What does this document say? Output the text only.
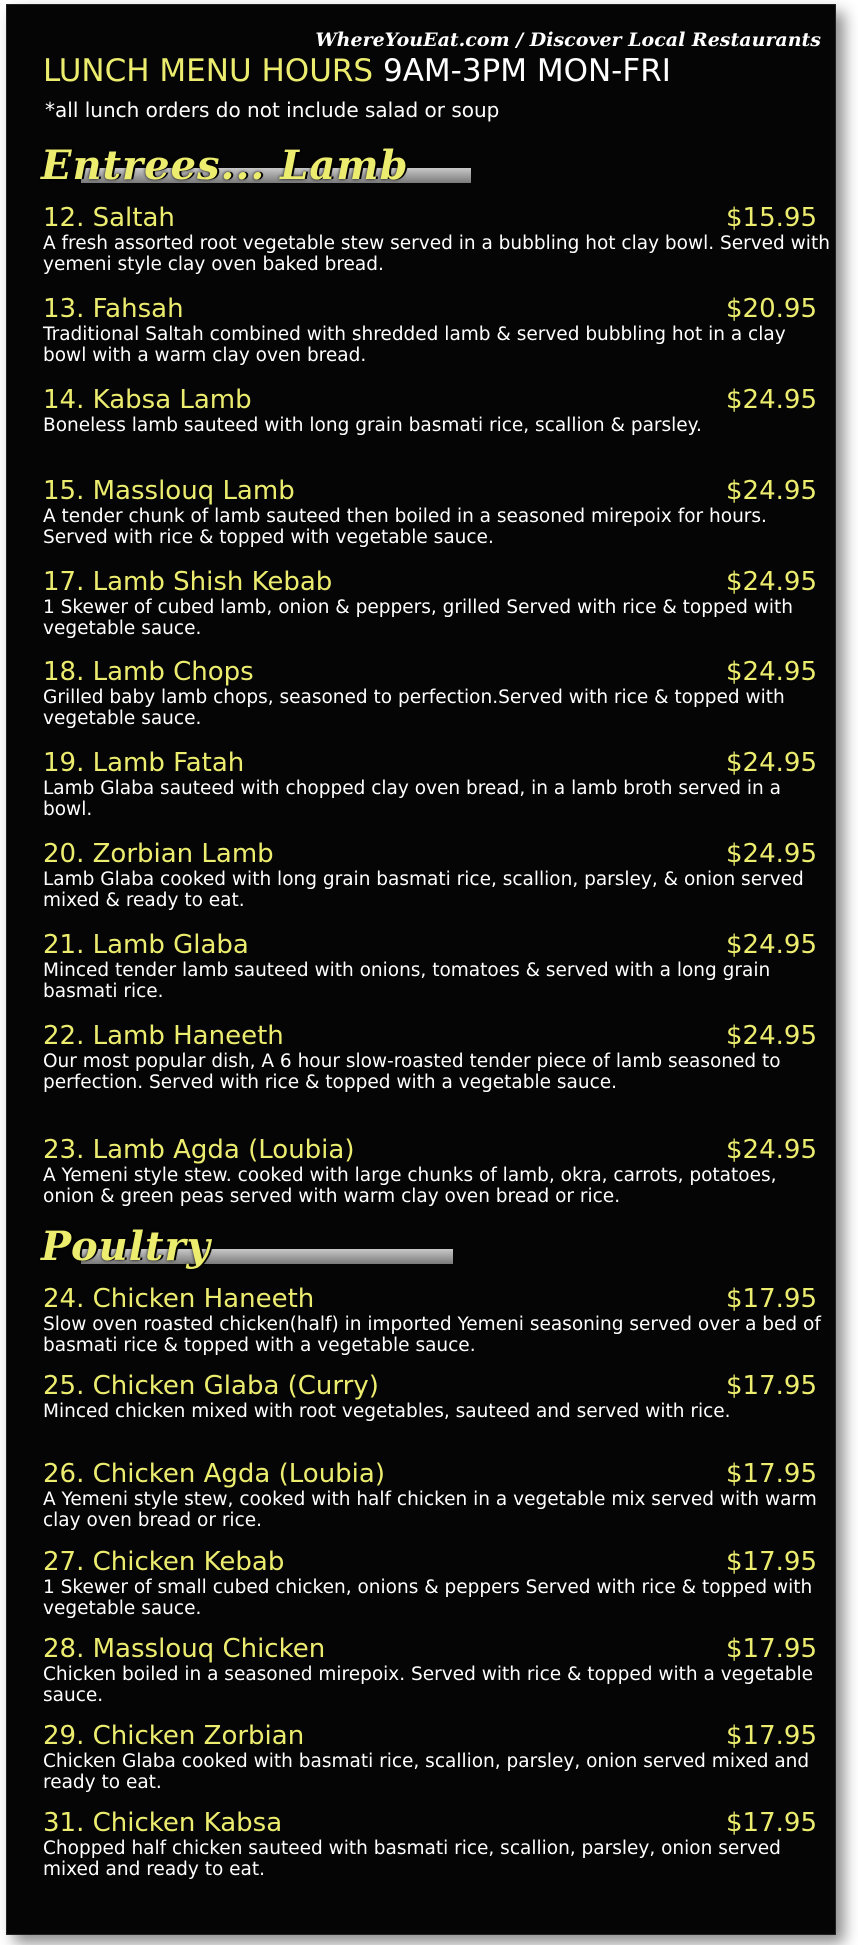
WhereYouEat.com / Discover Local Restaurants
LUNCH MENU HOURS 9AM-3PM MON-FRI
*all lunch orders do not include salad or soup
Entrees... Lamb
12. Saltah	$15.95
A fresh assorted root vegetable stew served in a bubbling hot clay bowl. Served with yemeni style clay oven baked bread.
13. Fahsah	$20.95
Traditional Saltah combined with shredded lamb & served bubbling hot in a clay bowl with a warm clay oven bread.
14. Kabsa Lamb	$24.95
Boneless lamb sauteed with long grain basmati rice, scallion & parsley.
15. Masslouq Lamb	$24.95
A tender chunk of lamb sauteed then boiled in a seasoned mirepoix for hours. Served with rice & topped with vegetable sauce.
17. Lamb Shish Kebab	$24.95
1 Skewer of cubed lamb, onion & peppers, grilled Served with rice & topped with vegetable sauce.
18. Lamb Chops	$24.95
Grilled baby lamb chops, seasoned to perfection.Served with rice & topped with vegetable sauce.
19. Lamb Fatah	$24.95
Lamb Glaba sauteed with chopped clay oven bread, in a lamb broth served in a bowl.
20. Zorbian Lamb	$24.95
Lamb Glaba cooked with long grain basmati rice, scallion, parsley, & onion served mixed & ready to eat.
21. Lamb Glaba	$24.95
Minced tender lamb sauteed with onions, tomatoes & served with a long grain basmati rice.
22. Lamb Haneeth	$24.95
Our most popular dish, A 6 hour slow-roasted tender piece of lamb seasoned to perfection. Served with rice & topped with a vegetable sauce.
23. Lamb Agda (Loubia)	$24.95
A Yemeni style stew. cooked with large chunks of lamb, okra, carrots, potatoes, onion & green peas served with warm clay oven bread or rice.
Poultry
24. Chicken Haneeth	$17.95
Slow oven roasted chicken(half) in imported Yemeni seasoning served over a bed of basmati rice & topped with a vegetable sauce.
25. Chicken Glaba (Curry)	$17.95
Minced chicken mixed with root vegetables, sauteed and served with rice.
26. Chicken Agda (Loubia)	$17.95
A Yemeni style stew, cooked with half chicken in a vegetable mix served with warm clay oven bread or rice.
27. Chicken Kebab	$17.95
1 Skewer of small cubed chicken, onions & peppers Served with rice & topped with vegetable sauce.
28. Masslouq Chicken	$17.95
Chicken boiled in a seasoned mirepoix. Served with rice & topped with a vegetable sauce.
29. Chicken Zorbian	$17.95
Chicken Glaba cooked with basmati rice, scallion, parsley, onion served mixed and ready to eat.
31. Chicken Kabsa	$17.95
Chopped half chicken sauteed with basmati rice, scallion, parsley, onion served mixed and ready to eat.
